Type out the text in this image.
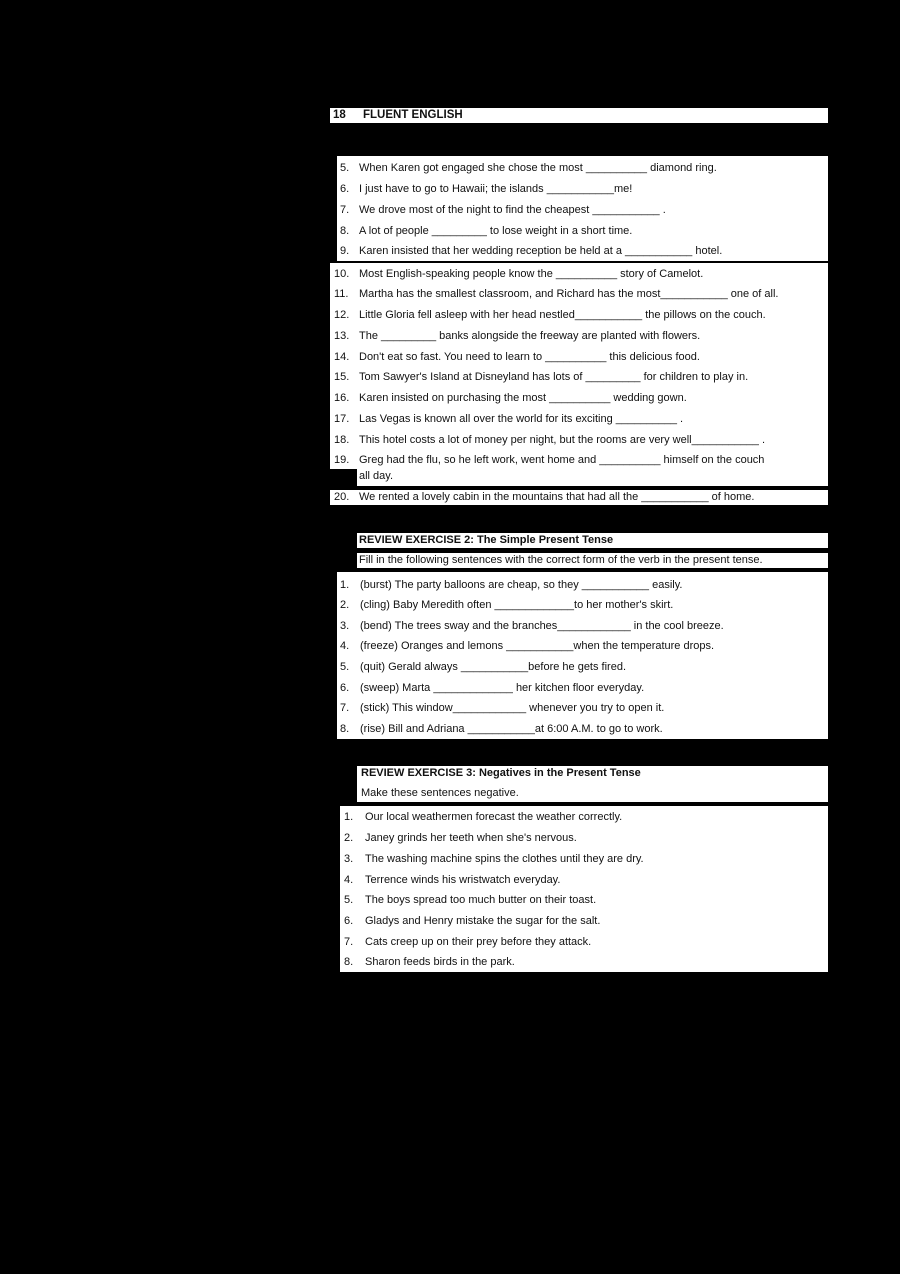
18 FLUENT ENGLISH
5. When Karen got engaged she chose the most __________ diamond ring.
6. I just have to go to Hawaii; the islands ___________me!
7. We drove most of the night to find the cheapest ___________ .
8. A lot of people _________ to lose weight in a short time.
9. Karen insisted that her wedding reception be held at a ___________ hotel.
10. Most English-speaking people know the __________ story of Camelot.
11. Martha has the smallest classroom, and Richard has the most___________ one of all.
12. Little Gloria fell asleep with her head nestled___________ the pillows on the couch.
13. The _________ banks alongside the freeway are planted with flowers.
14. Don't eat so fast. You need to learn to __________ this delicious food.
15. Tom Sawyer's Island at Disneyland has lots of _________ for children to play in.
16. Karen insisted on purchasing the most __________ wedding gown.
17. Las Vegas is known all over the world for its exciting __________ .
18. This hotel costs a lot of money per night, but the rooms are very well___________ .
19. Greg had the flu, so he left work, went home and __________ himself on the couch
all day.
20. We rented a lovely cabin in the mountains that had all the ___________ of home.
REVIEW EXERCISE 2: The Simple Present Tense
Fill in the following sentences with the correct form of the verb in the present tense.
1. (burst) The party balloons are cheap, so they ___________ easily.
2. (cling) Baby Meredith often _____________to her mother's skirt.
3. (bend) The trees sway and the branches____________ in the cool breeze.
4. (freeze) Oranges and lemons ___________when the temperature drops.
5. (quit) Gerald always ___________before he gets fired.
6. (sweep) Marta _____________ her kitchen floor everyday.
7. (stick) This window____________ whenever you try to open it.
8. (rise) Bill and Adriana ___________at 6:00 A.M. to go to work.
REVIEW EXERCISE 3: Negatives in the Present Tense
Make these sentences negative.
1. Our local weathermen forecast the weather correctly.
2. Janey grinds her teeth when she's nervous.
3. The washing machine spins the clothes until they are dry.
4. Terrence winds his wristwatch everyday.
5. The boys spread too much butter on their toast.
6. Gladys and Henry mistake the sugar for the salt.
7. Cats creep up on their prey before they attack.
8. Sharon feeds birds in the park.
